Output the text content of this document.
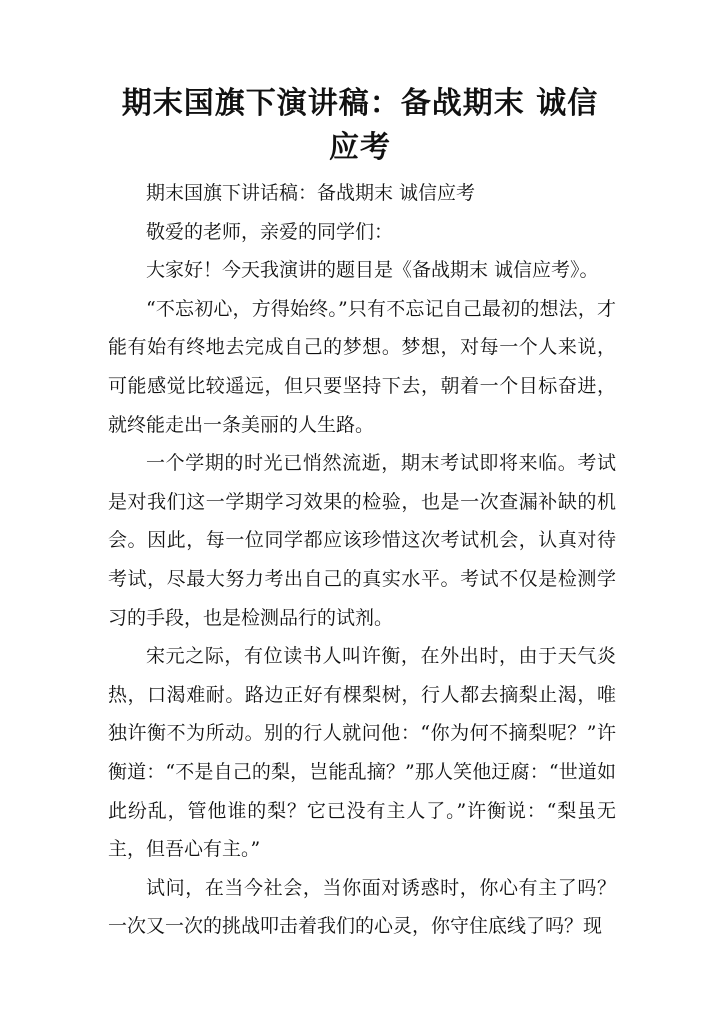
期末国旗下演讲稿：备战期末 诚信应考

期末国旗下讲话稿：备战期末 诚信应考

敬爱的老师，亲爱的同学们：

大家好！今天我演讲的题目是《备战期末 诚信应考》。

“不忘初心，方得始终。”只有不忘记自己最初的想法，才能有始有终地去完成自己的梦想。梦想，对每一个人来说，可能感觉比较遥远，但只要坚持下去，朝着一个目标奋进，就终能走出一条美丽的人生路。

一个学期的时光已悄然流逝，期末考试即将来临。考试是对我们这一学期学习效果的检验，也是一次查漏补缺的机会。因此，每一位同学都应该珍惜这次考试机会，认真对待考试，尽最大努力考出自己的真实水平。考试不仅是检测学习的手段，也是检测品行的试剂。

宋元之际，有位读书人叫许衡，在外出时，由于天气炎热，口渴难耐。路边正好有棵梨树，行人都去摘梨止渴，唯独许衡不为所动。别的行人就问他：“你为何不摘梨呢？”许衡道：“不是自己的梨，岂能乱摘？”那人笑他迂腐：“世道如此纷乱，管他谁的梨？它已没有主人了。”许衡说：“梨虽无主，但吾心有主。”

试问，在当今社会，当你面对诱惑时，你心有主了吗？一次又一次的挑战叩击着我们的心灵，你守住底线了吗？现
